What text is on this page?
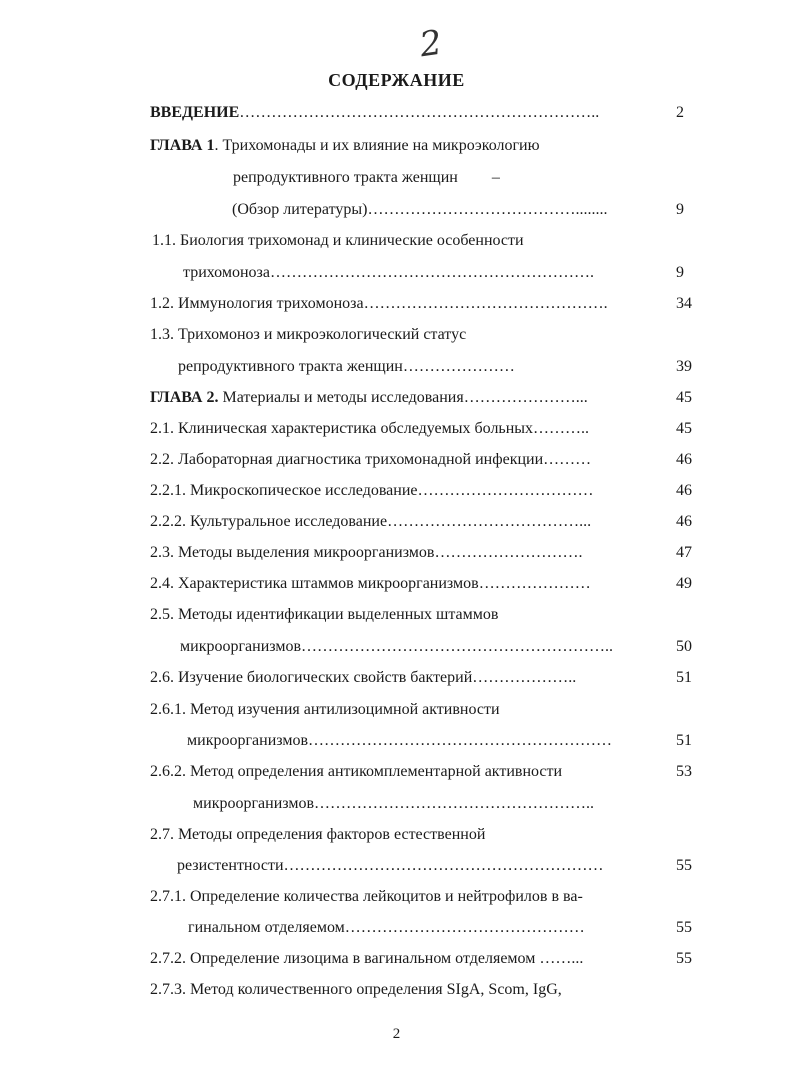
2
СОДЕРЖАНИЕ
ВВЕДЕНИЕ…………………………………………………………..	2
ГЛАВА 1. Трихомонады и их влияние на микроэкологию
репродуктивного тракта женщин –
(Обзор литературы)…………………………………........	9
1.1. Биология трихомонад и клинические особенности
трихомоноза…………………………………………………….	9
1.2. Иммунология трихомоноза……………………………………….	34
1.3. Трихомоноз и микроэкологический статус
репродуктивного тракта женщин…………………	39
ГЛАВА 2. Материалы и методы исследования…………………...	45
2.1. Клиническая характеристика обследуемых больных………..	45
2.2. Лабораторная диагностика трихомонадной инфекции………	46
2.2.1. Микроскопическое исследование……………………………	46
2.2.2. Культуральное исследование………………………………...	46
2.3. Методы выделения микроорганизмов……………………….	47
2.4. Характеристика штаммов микроорганизмов…………………	49
2.5. Методы идентификации выделенных штаммов
микроорганизмов…………………………………………………..	50
2.6. Изучение биологических свойств бактерий………………..	51
2.6.1. Метод изучения антилизоцимной активности
микроорганизмов…………………………………………………	51
2.6.2. Метод определения антикомплементарной активности	53
микроорганизмов……………………………………………..
2.7. Методы определения факторов естественной
резистентности……………………………………………………	55
2.7.1. Определение количества лейкоцитов и нейтрофилов в ва-
гинальном отделяемом………………………………………	55
2.7.2. Определение лизоцима в вагинальном отделяемом ……...	55
2.7.3. Метод количественного определения SIgA, Scom, IgG,
2
